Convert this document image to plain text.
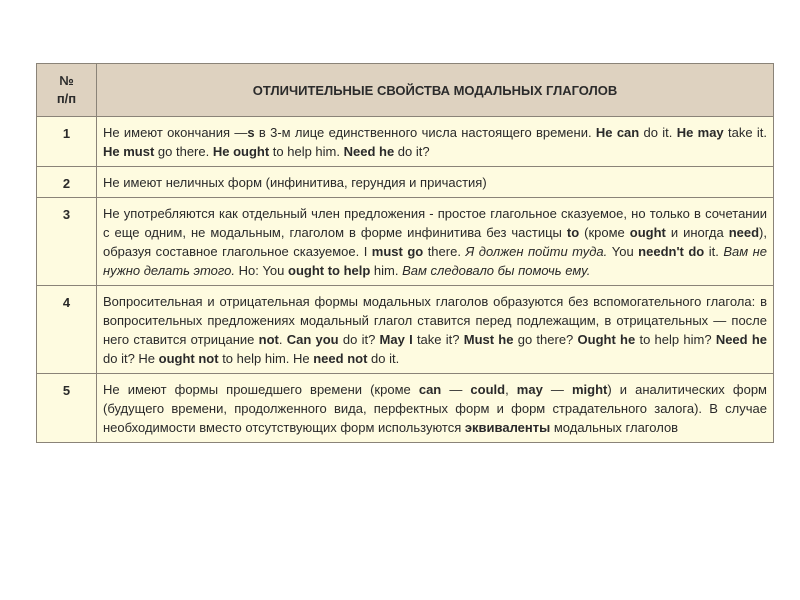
№
п/п	ОТЛИЧИТЕЛЬНЫЕ СВОЙСТВА МОДАЛЬНЫХ ГЛАГОЛОВ
1	Не имеют окончания —s в 3-м лице единственного числа настоящего времени. He can do it. He may take it. He must go there. He ought to help him. Need he do it?
2	Не имеют неличных форм (инфинитива, герундия и причастия)
3	Не употребляются как отдельный член предложения - простое глагольное сказуемое, но только в сочетании с еще одним, не модальным, глаголом в форме инфинитива без частицы to (кроме ought и иногда need), образуя составное глагольное сказуемое. I must go there. Я должен пойти туда. You needn't do it. Вам не нужно делать этого. Но: You ought to help him. Вам следовало бы помочь ему.
4	Вопросительная и отрицательная формы модальных глаголов образуются без вспомогательного глагола: в вопросительных предложениях модальный глагол ставится перед подлежащим, в отрицательных — после него ставится отрицание not. Can you do it? May I take it? Must he go there? Ought he to help him? Need he do it? He ought not to help him. He need not do it.
5	Не имеют формы прошедшего времени (кроме can — could, may — might) и аналитических форм (будущего времени, продолженного вида, перфектных форм и форм страдательного залога). В случае необходимости вместо отсутствующих форм используются эквиваленты модальных глаголов
